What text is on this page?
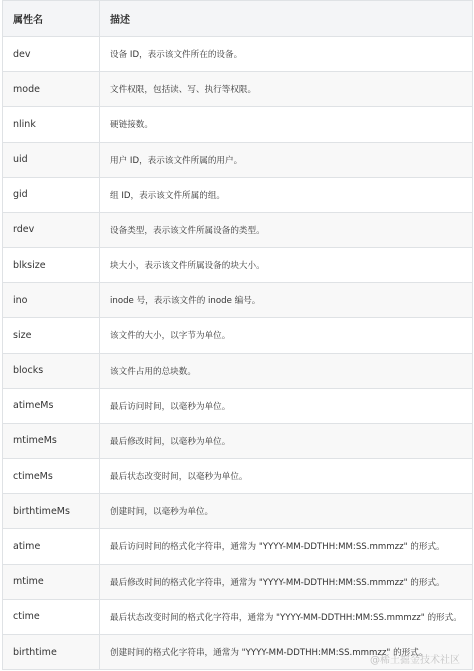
属性名	描述
dev	设备 ID，表示该文件所在的设备。
mode	文件权限，包括读、写、执行等权限。
nlink	硬链接数。
uid	用户 ID，表示该文件所属的用户。
gid	组 ID，表示该文件所属的组。
rdev	设备类型，表示该文件所属设备的类型。
blksize	块大小，表示该文件所属设备的块大小。
ino	inode 号，表示该文件的 inode 编号。
size	该文件的大小，以字节为单位。
blocks	该文件占用的总块数。
atimeMs	最后访问时间，以毫秒为单位。
mtimeMs	最后修改时间，以毫秒为单位。
ctimeMs	最后状态改变时间，以毫秒为单位。
birthtimeMs	创建时间，以毫秒为单位。
atime	最后访问时间的格式化字符串，通常为 "YYYY-MM-DDTHH:MM:SS.mmmzz" 的形式。
mtime	最后修改时间的格式化字符串，通常为 "YYYY-MM-DDTHH:MM:SS.mmmzz" 的形式。
ctime	最后状态改变时间的格式化字符串，通常为 "YYYY-MM-DDTHH:MM:SS.mmmzz" 的形式。
birthtime	创建时间的格式化字符串，通常为 "YYYY-MM-DDTHH:MM:SS.mmmzz" 的形式。
@稀土掘金技术社区
